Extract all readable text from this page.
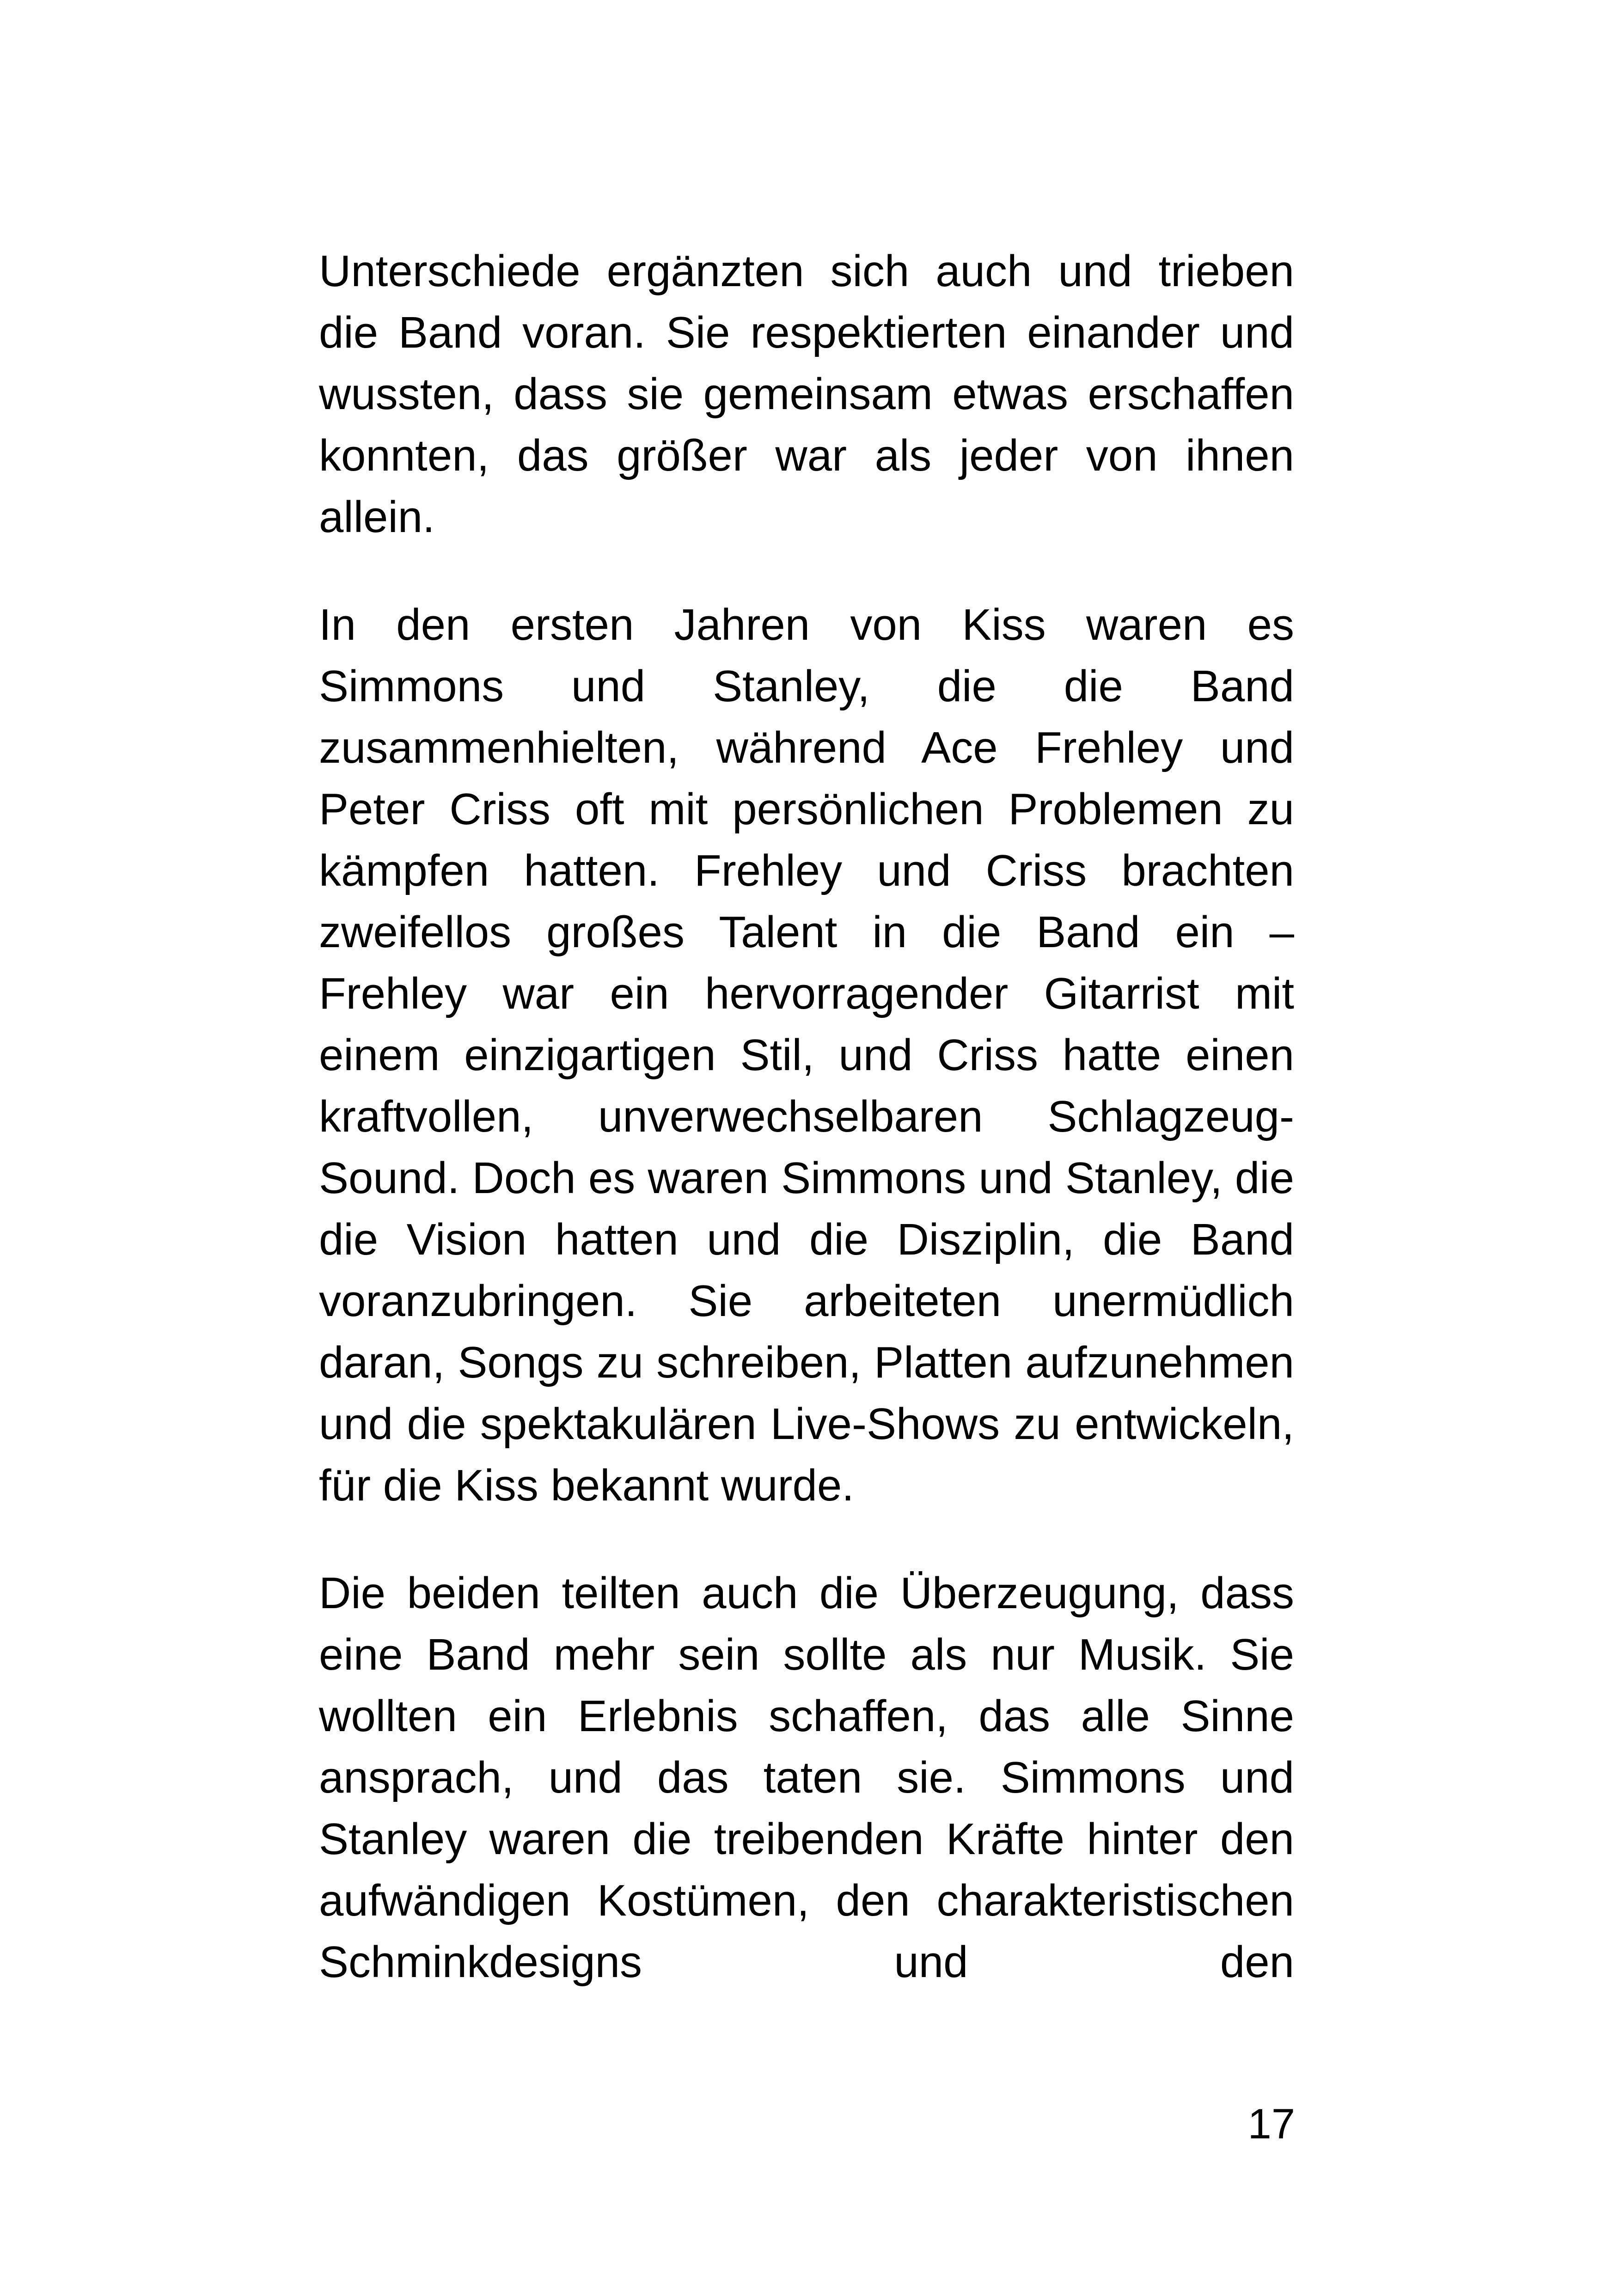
Unterschiede ergänzten sich auch und trieben die Band voran. Sie respektierten einander und wussten, dass sie gemeinsam etwas erschaffen konnten, das größer war als jeder von ihnen allein.

In den ersten Jahren von Kiss waren es Simmons und Stanley, die die Band zusammenhielten, während Ace Frehley und Peter Criss oft mit persönlichen Problemen zu kämpfen hatten. Frehley und Criss brachten zweifellos großes Talent in die Band ein – Frehley war ein hervorragender Gitarrist mit einem einzigartigen Stil, und Criss hatte einen kraftvollen, unverwechselbaren Schlagzeug-Sound. Doch es waren Simmons und Stanley, die die Vision hatten und die Disziplin, die Band voranzubringen. Sie arbeiteten unermüdlich daran, Songs zu schreiben, Platten aufzunehmen und die spektakulären Live-Shows zu entwickeln, für die Kiss bekannt wurde.

Die beiden teilten auch die Überzeugung, dass eine Band mehr sein sollte als nur Musik. Sie wollten ein Erlebnis schaffen, das alle Sinne ansprach, und das taten sie. Simmons und Stanley waren die treibenden Kräfte hinter den aufwändigen Kostümen, den charakteristischen Schminkdesigns und den

17
